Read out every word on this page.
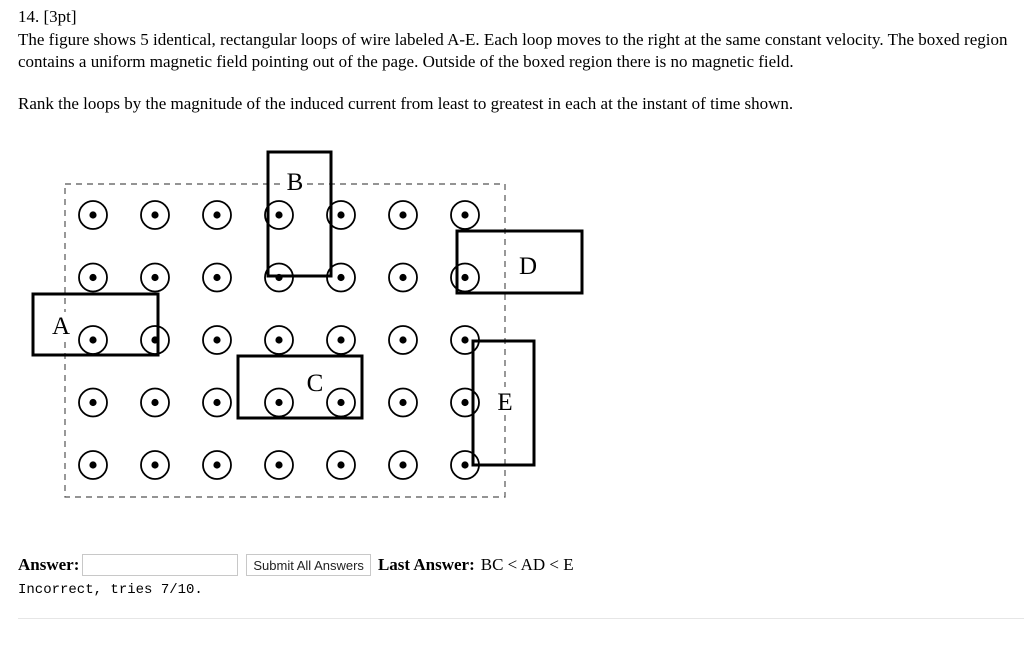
14. [3pt]
The figure shows 5 identical, rectangular loops of wire labeled A-E. Each loop moves to the right at the same constant velocity. The boxed region contains a uniform magnetic field pointing out of the page. Outside of the boxed region there is no magnetic field.
Rank the loops by the magnitude of the induced current from least to greatest in each at the instant of time shown.
B
A
C
D
E
Answer:	Submit All Answers Last Answer: BC < AD < E
Incorrect, tries 7/10.
